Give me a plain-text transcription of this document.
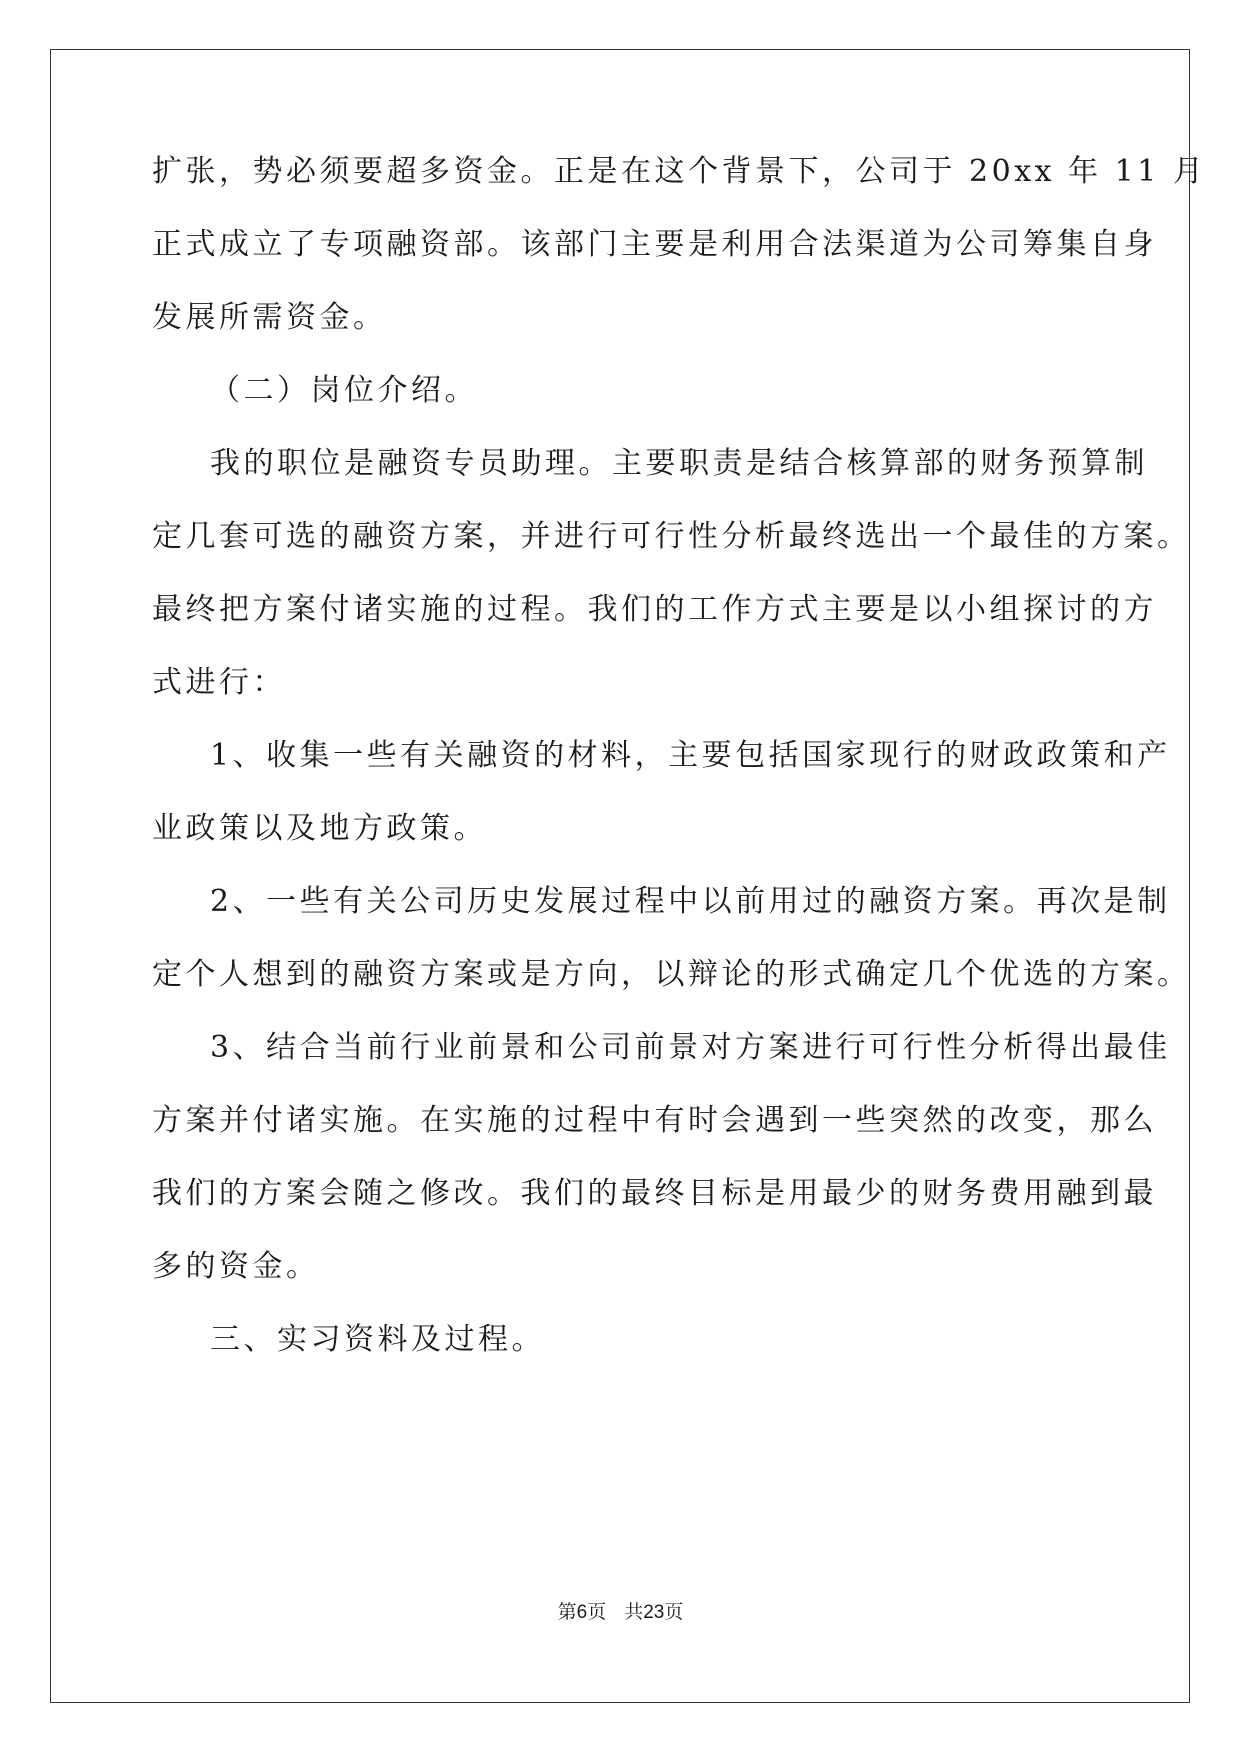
扩张，势必须要超多资金。正是在这个背景下，公司于 20xx 年 11 月
正式成立了专项融资部。该部门主要是利用合法渠道为公司筹集自身
发展所需资金。
（二）岗位介绍。
我的职位是融资专员助理。主要职责是结合核算部的财务预算制
定几套可选的融资方案，并进行可行性分析最终选出一个最佳的方案。
最终把方案付诸实施的过程。我们的工作方式主要是以小组探讨的方
式进行：
1、收集一些有关融资的材料，主要包括国家现行的财政政策和产
业政策以及地方政策。
2、一些有关公司历史发展过程中以前用过的融资方案。再次是制
定个人想到的融资方案或是方向，以辩论的形式确定几个优选的方案。
3、结合当前行业前景和公司前景对方案进行可行性分析得出最佳
方案并付诸实施。在实施的过程中有时会遇到一些突然的改变，那么
我们的方案会随之修改。我们的最终目标是用最少的财务费用融到最
多的资金。
三、实习资料及过程。
第6页 共23页
